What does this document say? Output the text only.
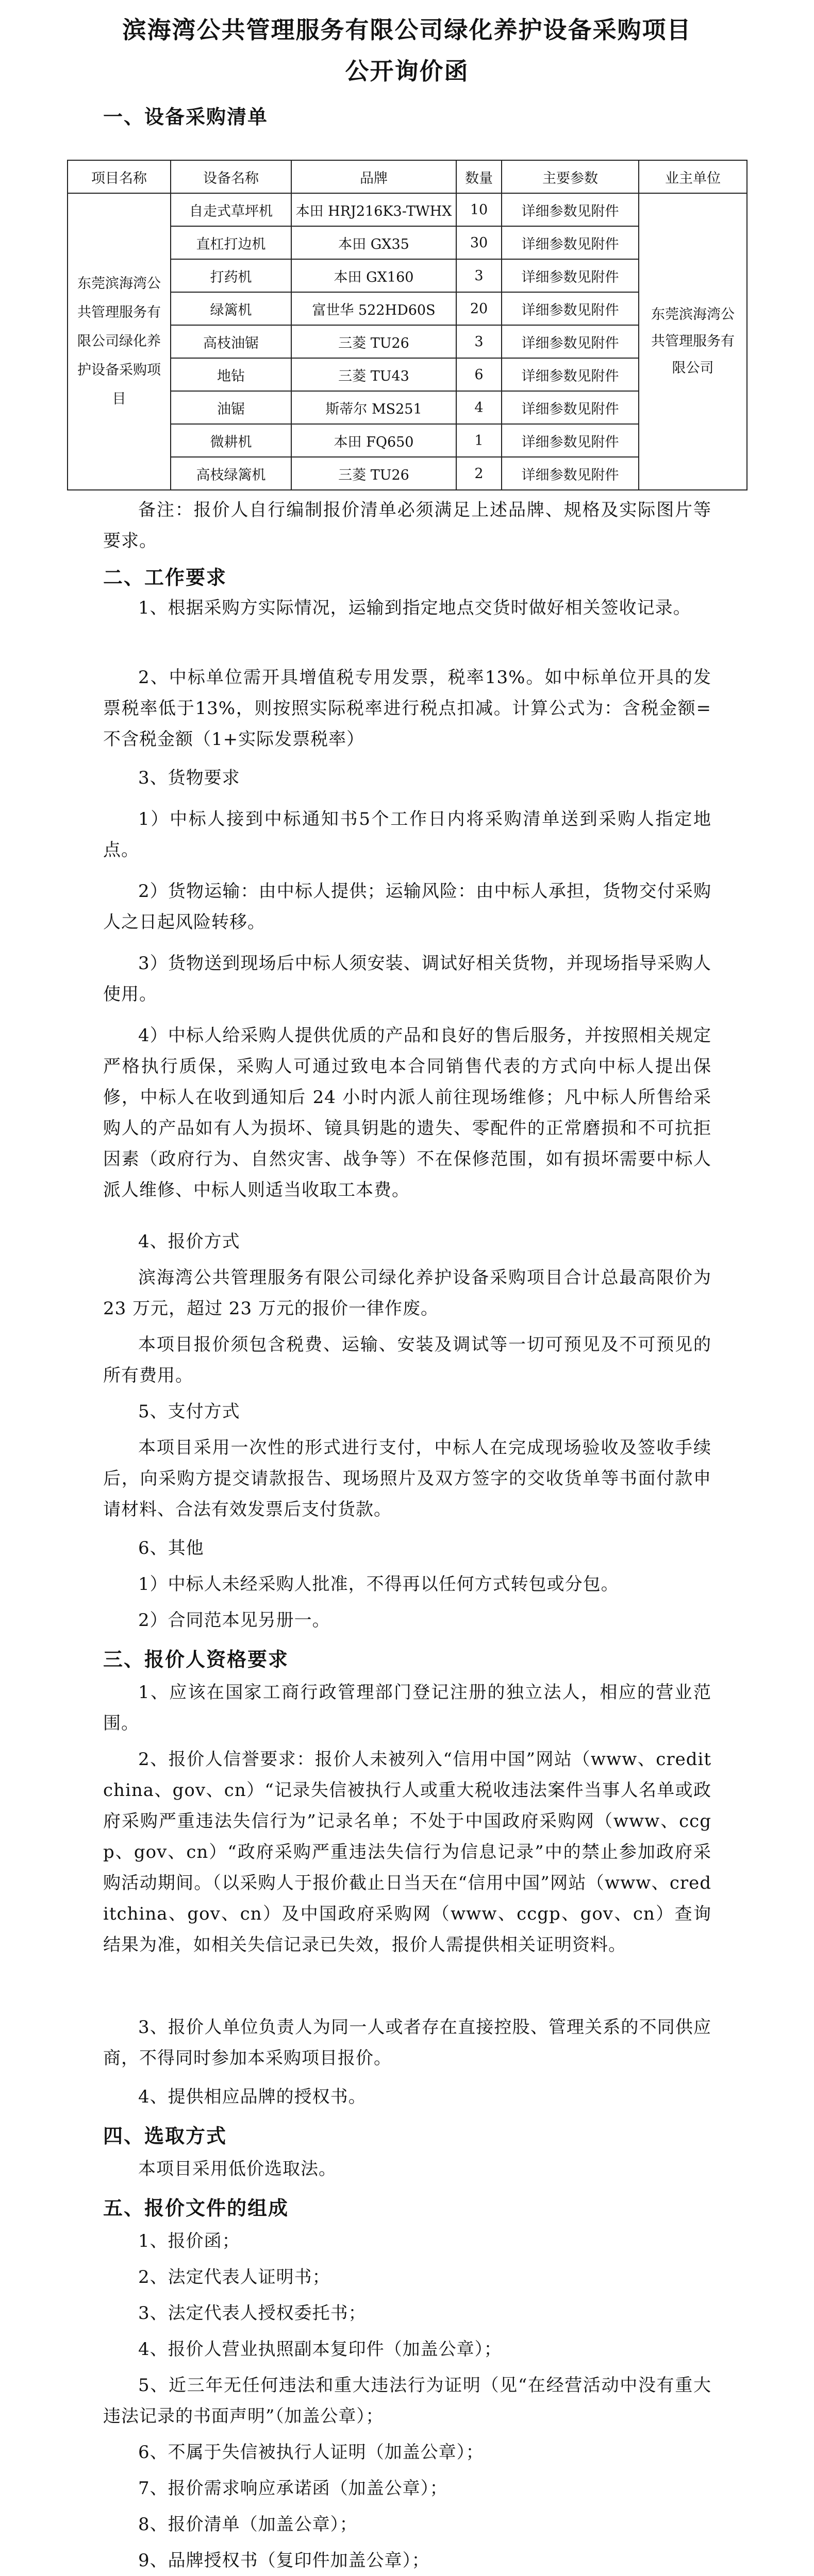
滨海湾公共管理服务有限公司绿化养护设备采购项目
公开询价函
一、设备采购清单
项目名称	设备名称	品牌	数量	主要参数	业主单位
东莞滨海湾公共管理服务有限公司绿化养护设备采购项目	自走式草坪机	本田 HRJ216K3-TWHX	10	详细参数见附件	东莞滨海湾公共管理服务有限公司
	直杠打边机	本田 GX35	30	详细参数见附件	
	打药机	本田 GX160	3	详细参数见附件	
	绿篱机	富世华 522HD60S	20	详细参数见附件	
	高枝油锯	三菱 TU26	3	详细参数见附件	
	地钻	三菱 TU43	6	详细参数见附件	
	油锯	斯蒂尔 MS251	4	详细参数见附件	
	微耕机	本田 FQ650	1	详细参数见附件	
	高枝绿篱机	三菱 TU26	2	详细参数见附件	
备注：报价人自行编制报价清单必须满足上述品牌、规格及实际图片等要求。
二、工作要求
1、根据采购方实际情况，运输到指定地点交货时做好相关签收记录。
2、中标单位需开具增值税专用发票，税率13%。如中标单位开具的发票税率低于13%，则按照实际税率进行税点扣减。计算公式为：含税金额=不含税金额（1+实际发票税率）
3、货物要求
1）中标人接到中标通知书5个工作日内将采购清单送到采购人指定地点。
2）货物运输：由中标人提供；运输风险：由中标人承担，货物交付采购人之日起风险转移。
3）货物送到现场后中标人须安装、调试好相关货物，并现场指导采购人使用。
4）中标人给采购人提供优质的产品和良好的售后服务，并按照相关规定严格执行质保，采购人可通过致电本合同销售代表的方式向中标人提出保修，中标人在收到通知后 24 小时内派人前往现场维修；凡中标人所售给采购人的产品如有人为损坏、镜具钥匙的遗失、零配件的正常磨损和不可抗拒因素（政府行为、自然灾害、战争等）不在保修范围，如有损坏需要中标人派人维修、中标人则适当收取工本费。
4、报价方式
滨海湾公共管理服务有限公司绿化养护设备采购项目合计总最高限价为 23 万元，超过 23 万元的报价一律作废。
本项目报价须包含税费、运输、安装及调试等一切可预见及不可预见的所有费用。
5、支付方式
本项目采用一次性的形式进行支付，中标人在完成现场验收及签收手续后，向采购方提交请款报告、现场照片及双方签字的交收货单等书面付款申请材料、合法有效发票后支付货款。
6、其他
1）中标人未经采购人批准，不得再以任何方式转包或分包。
2）合同范本见另册一。
三、报价人资格要求
1、应该在国家工商行政管理部门登记注册的独立法人，相应的营业范围。
2、报价人信誉要求：报价人未被列入“信用中国”网站（www、creditchina、gov、cn）“记录失信被执行人或重大税收违法案件当事人名单或政府采购严重违法失信行为”记录名单；不处于中国政府采购网（www、ccgp、gov、cn）“政府采购严重违法失信行为信息记录”中的禁止参加政府采购活动期间。（以采购人于报价截止日当天在“信用中国”网站（www、creditchina、gov、cn）及中国政府采购网（www、ccgp、gov、cn）查询结果为准，如相关失信记录已失效，报价人需提供相关证明资料。
3、报价人单位负责人为同一人或者存在直接控股、管理关系的不同供应商，不得同时参加本采购项目报价。
4、提供相应品牌的授权书。
四、选取方式
本项目采用低价选取法。
五、报价文件的组成
1、报价函；
2、法定代表人证明书；
3、法定代表人授权委托书；
4、报价人营业执照副本复印件（加盖公章）；
5、近三年无任何违法和重大违法行为证明（见“在经营活动中没有重大违法记录的书面声明”（加盖公章）；
6、不属于失信被执行人证明（加盖公章）；
7、报价需求响应承诺函（加盖公章）；
8、报价清单（加盖公章）；
9、品牌授权书（复印件加盖公章）；
